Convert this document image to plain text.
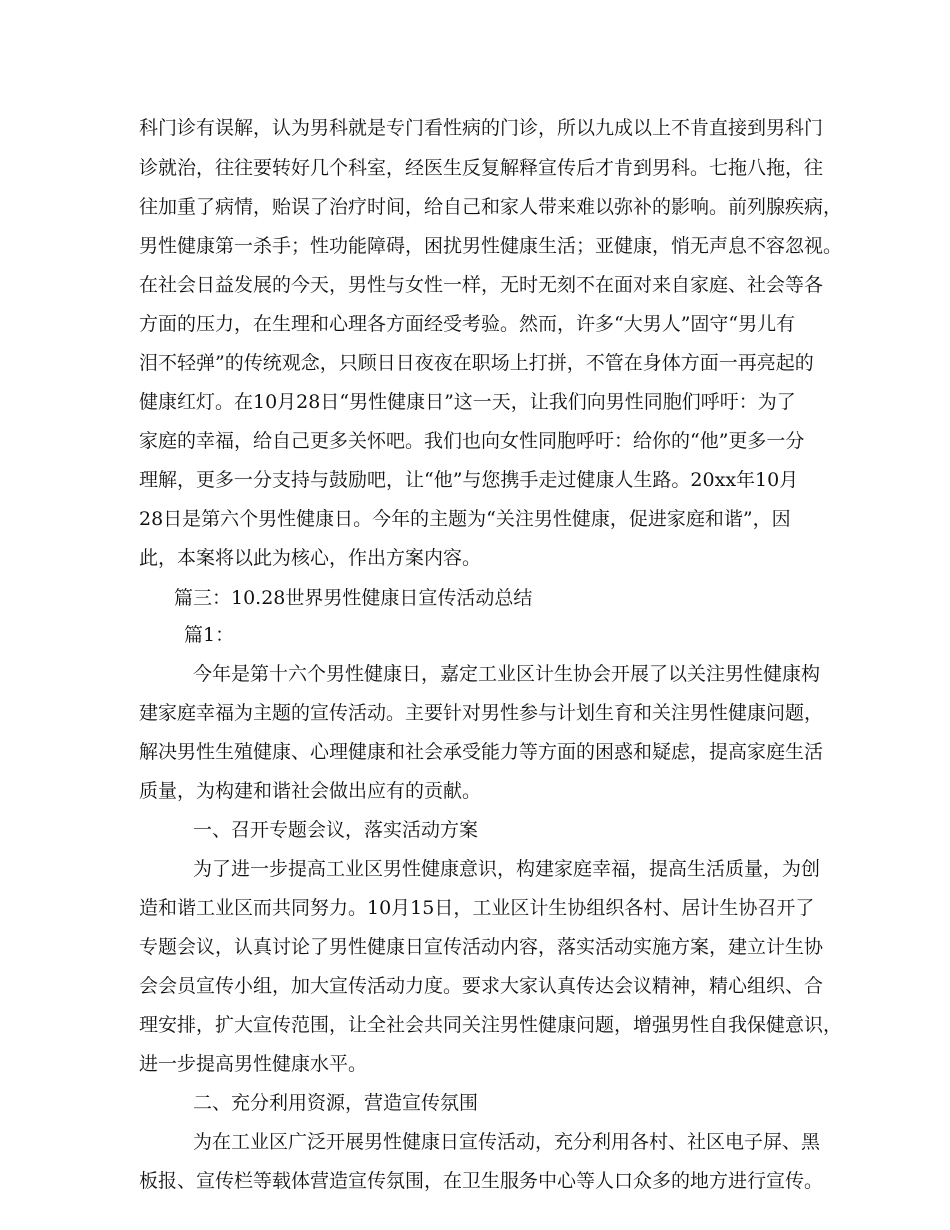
科门诊有误解，认为男科就是专门看性病的门诊，所以九成以上不肯直接到男科门
诊就治，往往要转好几个科室，经医生反复解释宣传后才肯到男科。七拖八拖，往
往加重了病情，贻误了治疗时间，给自己和家人带来难以弥补的影响。前列腺疾病，
男性健康第一杀手；性功能障碍，困扰男性健康生活；亚健康，悄无声息不容忽视。
在社会日益发展的今天，男性与女性一样，无时无刻不在面对来自家庭、社会等各
方面的压力，在生理和心理各方面经受考验。然而，许多“大男人”固守“男儿有
泪不轻弹”的传统观念，只顾日日夜夜在职场上打拼，不管在身体方面一再亮起的
健康红灯。在10月28日“男性健康日”这一天，让我们向男性同胞们呼吁：为了
家庭的幸福，给自己更多关怀吧。我们也向女性同胞呼吁：给你的“他”更多一分
理解，更多一分支持与鼓励吧，让“他”与您携手走过健康人生路。20xx年10月
28日是第六个男性健康日。今年的主题为“关注男性健康，促进家庭和谐”，因
此，本案将以此为核心，作出方案内容。
篇三：10.28世界男性健康日宣传活动总结
篇1：
今年是第十六个男性健康日，嘉定工业区计生协会开展了以关注男性健康构
建家庭幸福为主题的宣传活动。主要针对男性参与计划生育和关注男性健康问题，
解决男性生殖健康、心理健康和社会承受能力等方面的困惑和疑虑，提高家庭生活
质量，为构建和谐社会做出应有的贡献。
一、召开专题会议，落实活动方案
为了进一步提高工业区男性健康意识，构建家庭幸福，提高生活质量，为创
造和谐工业区而共同努力。10月15日，工业区计生协组织各村、居计生协召开了
专题会议，认真讨论了男性健康日宣传活动内容，落实活动实施方案，建立计生协
会会员宣传小组，加大宣传活动力度。要求大家认真传达会议精神，精心组织、合
理安排，扩大宣传范围，让全社会共同关注男性健康问题，增强男性自我保健意识，
进一步提高男性健康水平。
二、充分利用资源，营造宣传氛围
为在工业区广泛开展男性健康日宣传活动，充分利用各村、社区电子屏、黑
板报、宣传栏等载体营造宣传氛围，在卫生服务中心等人口众多的地方进行宣传。
